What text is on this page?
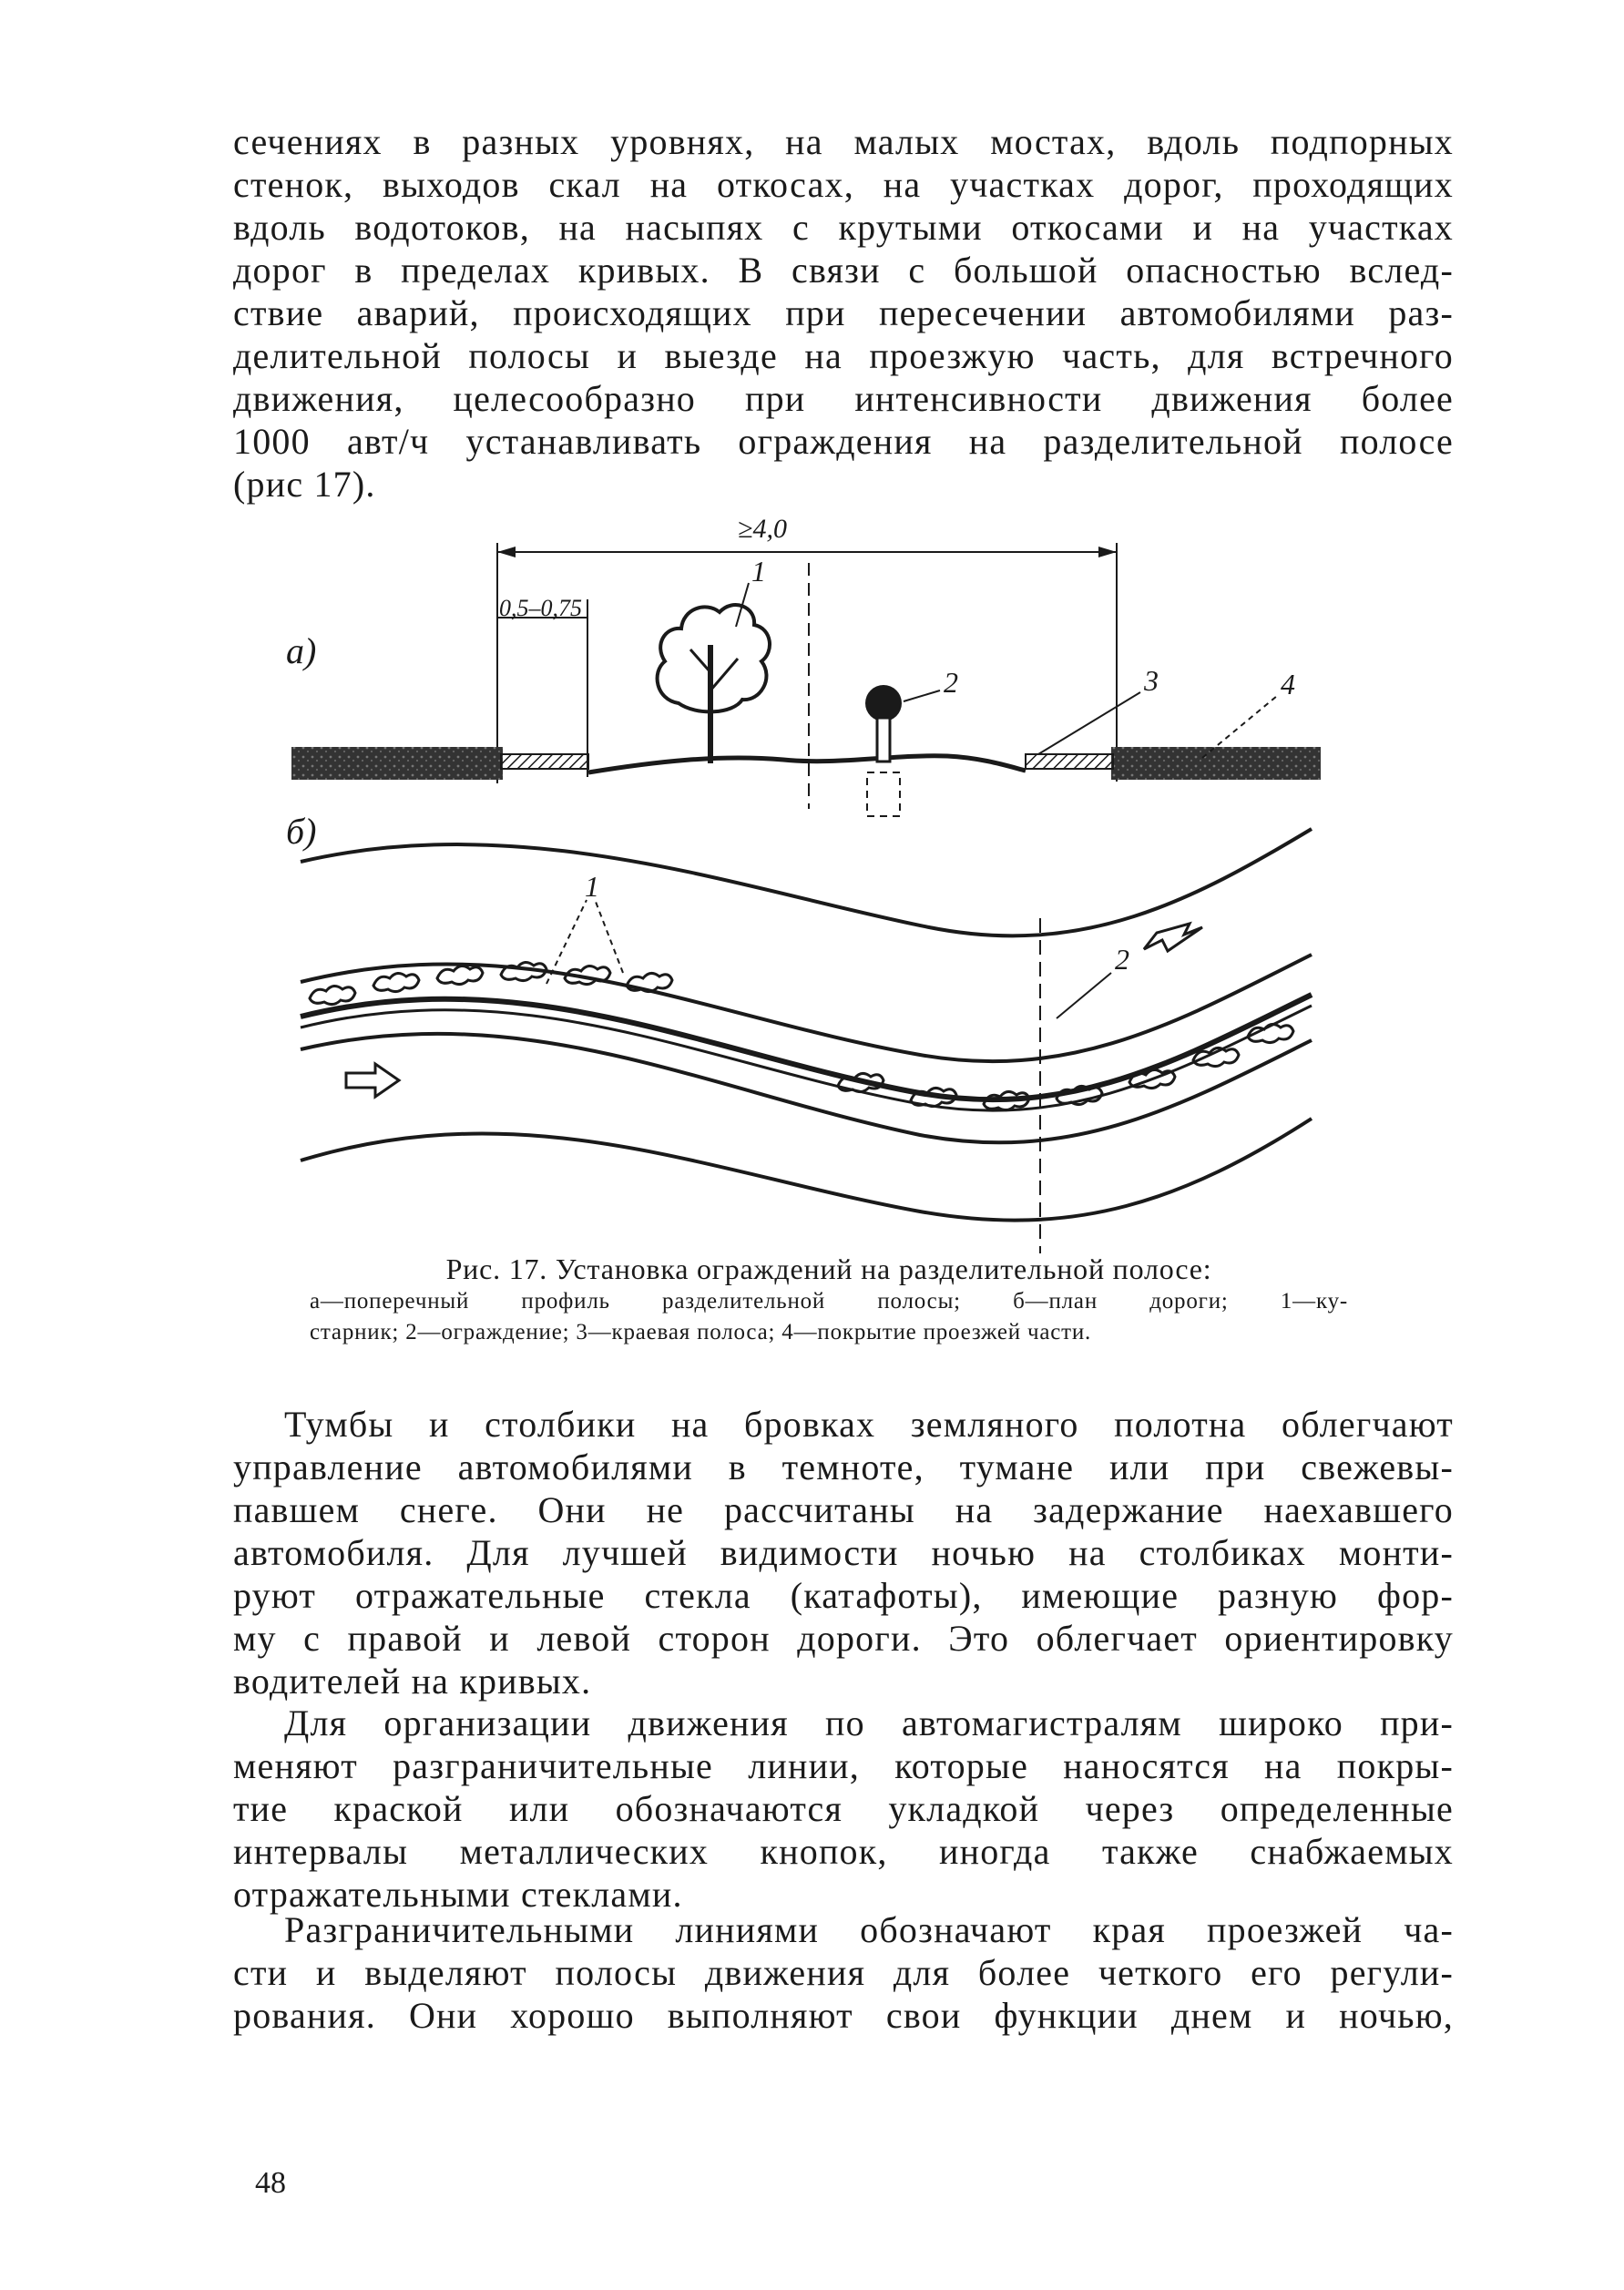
сечениях в разных уровнях, на малых мостах, вдоль подпорных
стенок, выходов скал на откосах, на участках дорог, проходящих
вдоль водотоков, на насыпях с крутыми откосами и на участках
дорог в пределах кривых. В связи с большой опасностью вслед-
ствие аварий, происходящих при пересечении автомобилями раз-
делительной полосы и выезде на проезжую часть, для встречного
движения, целесообразно при интенсивности движения более
1000 авт/ч устанавливать ограждения на разделительной полосе
(рис 17).
а)
≥4,0
0,5–0,75
1
2	3	4
б)
1
2
Рис. 17. Установка ограждений на разделительной полосе:
а—поперечный профиль разделительной полосы; б—план дороги; 1—ку-
старник; 2—ограждение; 3—краевая полоса; 4—покрытие проезжей части.
Тумбы и столбики на бровках земляного полотна облегчают
управление автомобилями в темноте, тумане или при свежевы-
павшем снеге. Они не рассчитаны на задержание наехавшего
автомобиля. Для лучшей видимости ночью на столбиках монти-
руют отражательные стекла (катафоты), имеющие разную фор-
му с правой и левой сторон дороги. Это облегчает ориентировку
водителей на кривых.
Для организации движения по автомагистралям широко при-
меняют разграничительные линии, которые наносятся на покры-
тие краской или обозначаются укладкой через определенные
интервалы металлических кнопок, иногда также снабжаемых
отражательными стеклами.
Разграничительными линиями обозначают края проезжей ча-
сти и выделяют полосы движения для более четкого его регули-
рования. Они хорошо выполняют свои функции днем и ночью,
48
